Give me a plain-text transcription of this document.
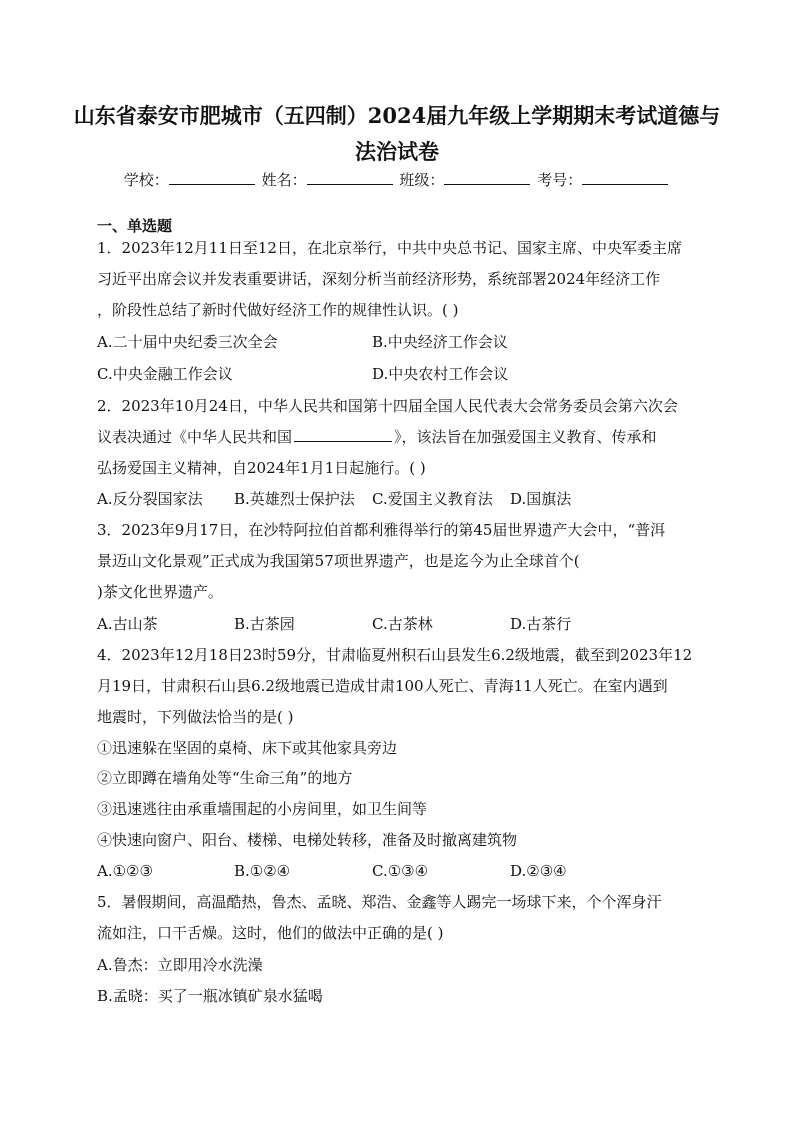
山东省泰安市肥城市（五四制）2024届九年级上学期期末考试道德与
法治试卷
学校：	姓名：	班级：	考号：
一、单选题
1．2023年12月11日至12日，在北京举行，中共中央总书记、国家主席、中央军委主席
习近平出席会议并发表重要讲话，深刻分析当前经济形势，系统部署2024年经济工作
，阶段性总结了新时代做好经济工作的规律性认识。( )
A.二十届中央纪委三次全会	B.中央经济工作会议
C.中央金融工作会议	D.中央农村工作会议
2．2023年10月24日，中华人民共和国第十四届全国人民代表大会常务委员会第六次会
议表决通过《中华人民共和国	》，该法旨在加强爱国主义教育、传承和
弘扬爱国主义精神，自2024年1月1日起施行。( )
A.反分裂国家法 B.英雄烈士保护法 C.爱国主义教育法 D.国旗法
3．2023年9月17日，在沙特阿拉伯首都利雅得举行的第45届世界遗产大会中，“普洱
景迈山文化景观”正式成为我国第57项世界遗产，也是迄今为止全球首个(
)茶文化世界遗产。
A.古山茶	B.古茶园	C.古茶林	D.古茶行
4．2023年12月18日23时59分，甘肃临夏州积石山县发生6.2级地震，截至到2023年12
月19日，甘肃积石山县6.2级地震已造成甘肃100人死亡、青海11人死亡。在室内遇到
地震时，下列做法恰当的是( )
①迅速躲在坚固的桌椅、床下或其他家具旁边
②立即蹲在墙角处等“生命三角”的地方
③迅速逃往由承重墙围起的小房间里，如卫生间等
④快速向窗户、阳台、楼梯、电梯处转移，准备及时撤离建筑物
A.①②③	B.①②④	C.①③④	D.②③④
5．暑假期间，高温酷热，鲁杰、孟晓、郑浩、金鑫等人踢完一场球下来，个个浑身汗
流如注，口干舌燥。这时，他们的做法中正确的是( )
A.鲁杰：立即用冷水洗澡
B.孟晓：买了一瓶冰镇矿泉水猛喝
